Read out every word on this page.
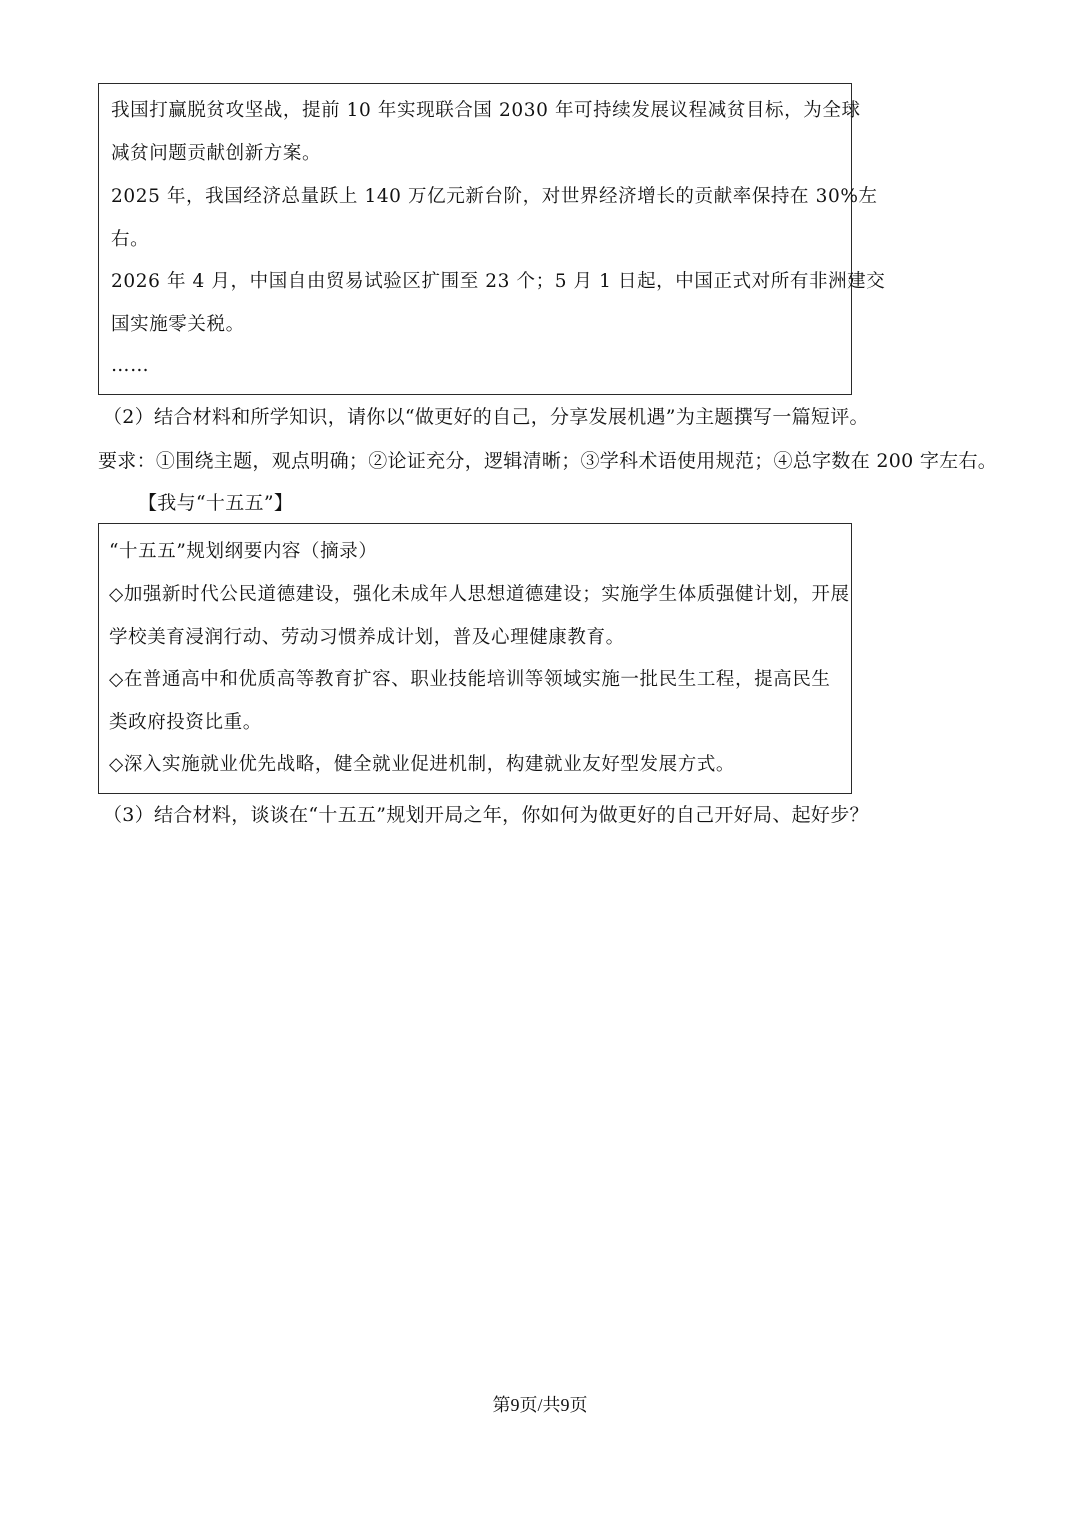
我国打赢脱贫攻坚战，提前 10 年实现联合国 2030 年可持续发展议程减贫目标，为全球
减贫问题贡献创新方案。
2025 年，我国经济总量跃上 140 万亿元新台阶，对世界经济增长的贡献率保持在 30%左
右。
2026 年 4 月，中国自由贸易试验区扩围至 23 个；5 月 1 日起，中国正式对所有非洲建交
国实施零关税。
……
（2）结合材料和所学知识，请你以“做更好的自己，分享发展机遇”为主题撰写一篇短评。
要求：①围绕主题，观点明确；②论证充分，逻辑清晰；③学科术语使用规范；④总字数在 200 字左右。
【我与“十五五”】
“十五五”规划纲要内容（摘录）
◇加强新时代公民道德建设，强化未成年人思想道德建设；实施学生体质强健计划，开展
学校美育浸润行动、劳动习惯养成计划，普及心理健康教育。
◇在普通高中和优质高等教育扩容、职业技能培训等领域实施一批民生工程，提高民生
类政府投资比重。
◇深入实施就业优先战略，健全就业促进机制，构建就业友好型发展方式。
（3）结合材料，谈谈在“十五五”规划开局之年，你如何为做更好的自己开好局、起好步？
第9页/共9页
